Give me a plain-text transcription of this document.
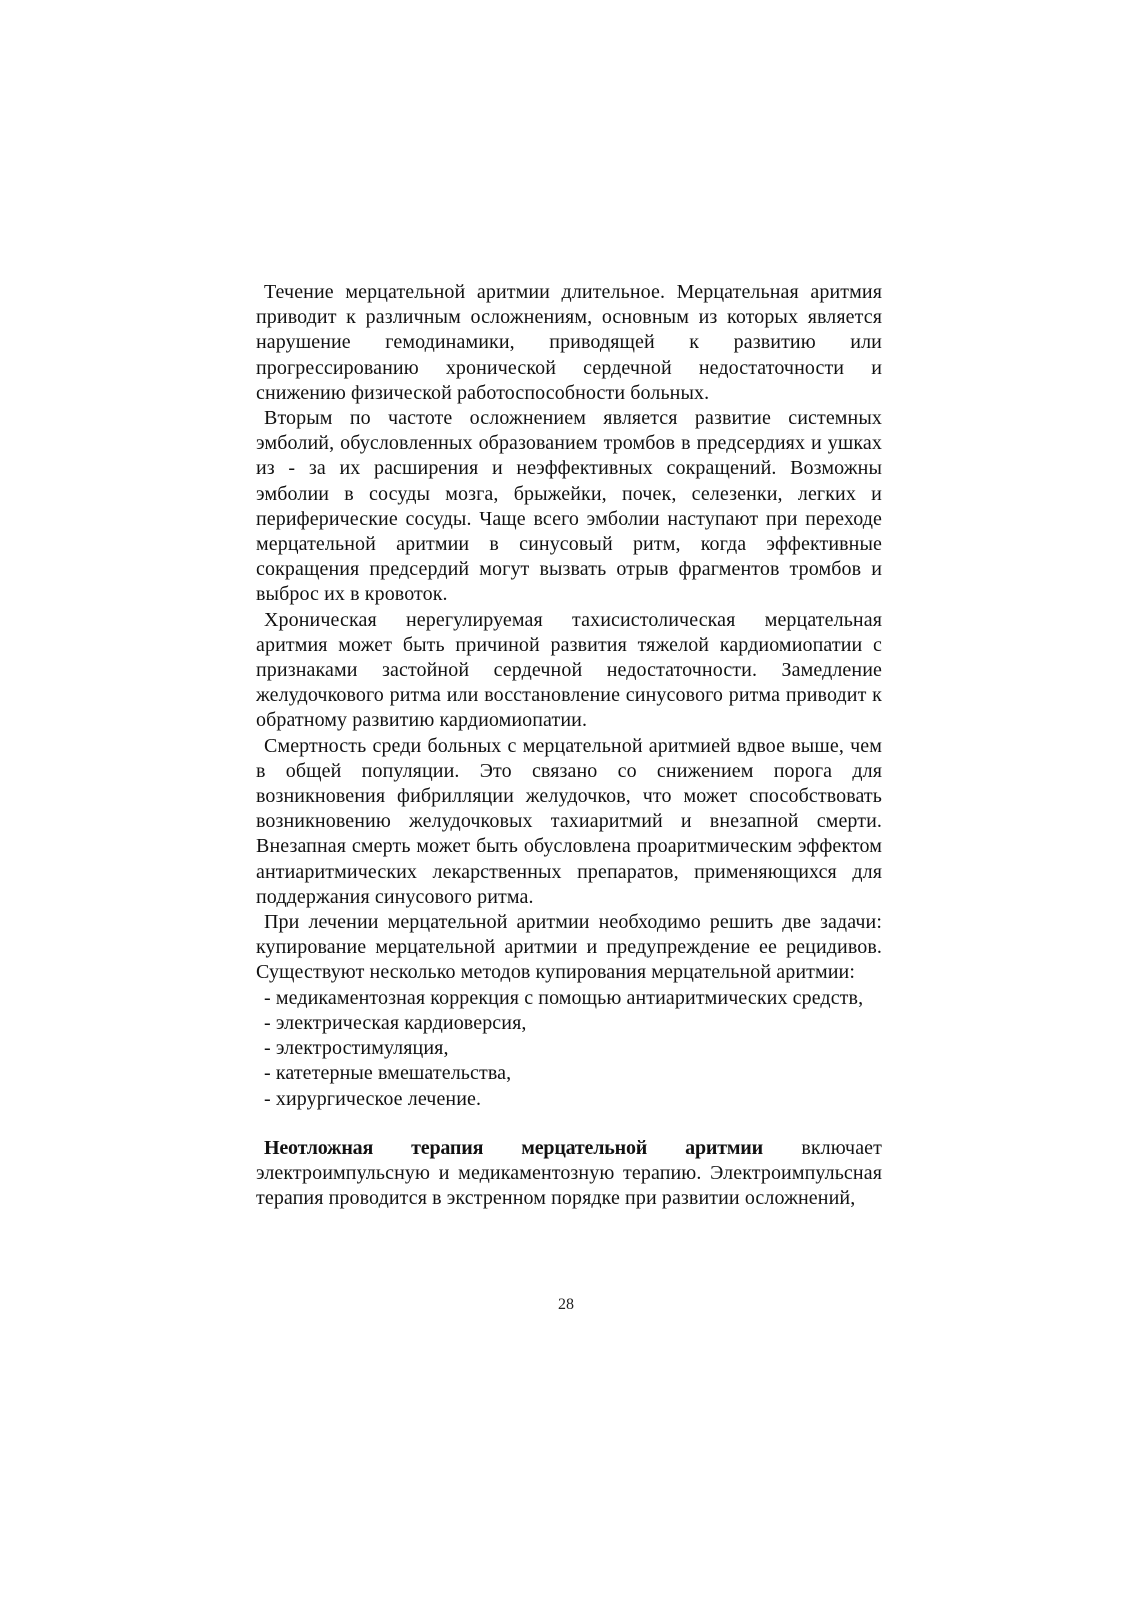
Течение мерцательной аритмии длительное. Мерцательная аритмия приводит к различным осложнениям, основным из которых является нарушение гемодинамики, приводящей к развитию или прогрессированию хронической сердечной недостаточности и снижению физической работоспособности больных.

Вторым по частоте осложнением является развитие системных эмболий, обусловленных образованием тромбов в предсердиях и ушках из - за их расширения и неэффективных сокращений. Возможны эмболии в сосуды мозга, брыжейки, почек, селезенки, легких и периферические сосуды. Чаще всего эмболии наступают при переходе мерцательной аритмии в синусовый ритм, когда эффективные сокращения предсердий могут вызвать отрыв фрагментов тромбов и выброс их в кровоток.

Хроническая нерегулируемая тахисистолическая мерцательная аритмия может быть причиной развития тяжелой кардиомиопатии с признаками застойной сердечной недостаточности. Замедление желудочкового ритма или восстановление синусового ритма приводит к обратному развитию кардиомиопатии.

Смертность среди больных с мерцательной аритмией вдвое выше, чем в общей популяции. Это связано со снижением порога для возникновения фибрилляции желудочков, что может способствовать возникновению желудочковых тахиаритмий и внезапной смерти. Внезапная смерть может быть обусловлена проаритмическим эффектом антиаритмических лекарственных препаратов, применяющихся для поддержания синусового ритма.

При лечении мерцательной аритмии необходимо решить две задачи: купирование мерцательной аритмии и предупреждение ее рецидивов. Существуют несколько методов купирования мерцательной аритмии:

- медикаментозная коррекция с помощью антиаритмических средств,

- электрическая кардиоверсия,

- электростимуляция,

- катетерные вмешательства,

- хирургическое лечение.

Неотложная терапия мерцательной аритмии включает электроимпульсную и медикаментозную терапию. Электроимпульсная терапия проводится в экстренном порядке при развитии осложнений,

28
